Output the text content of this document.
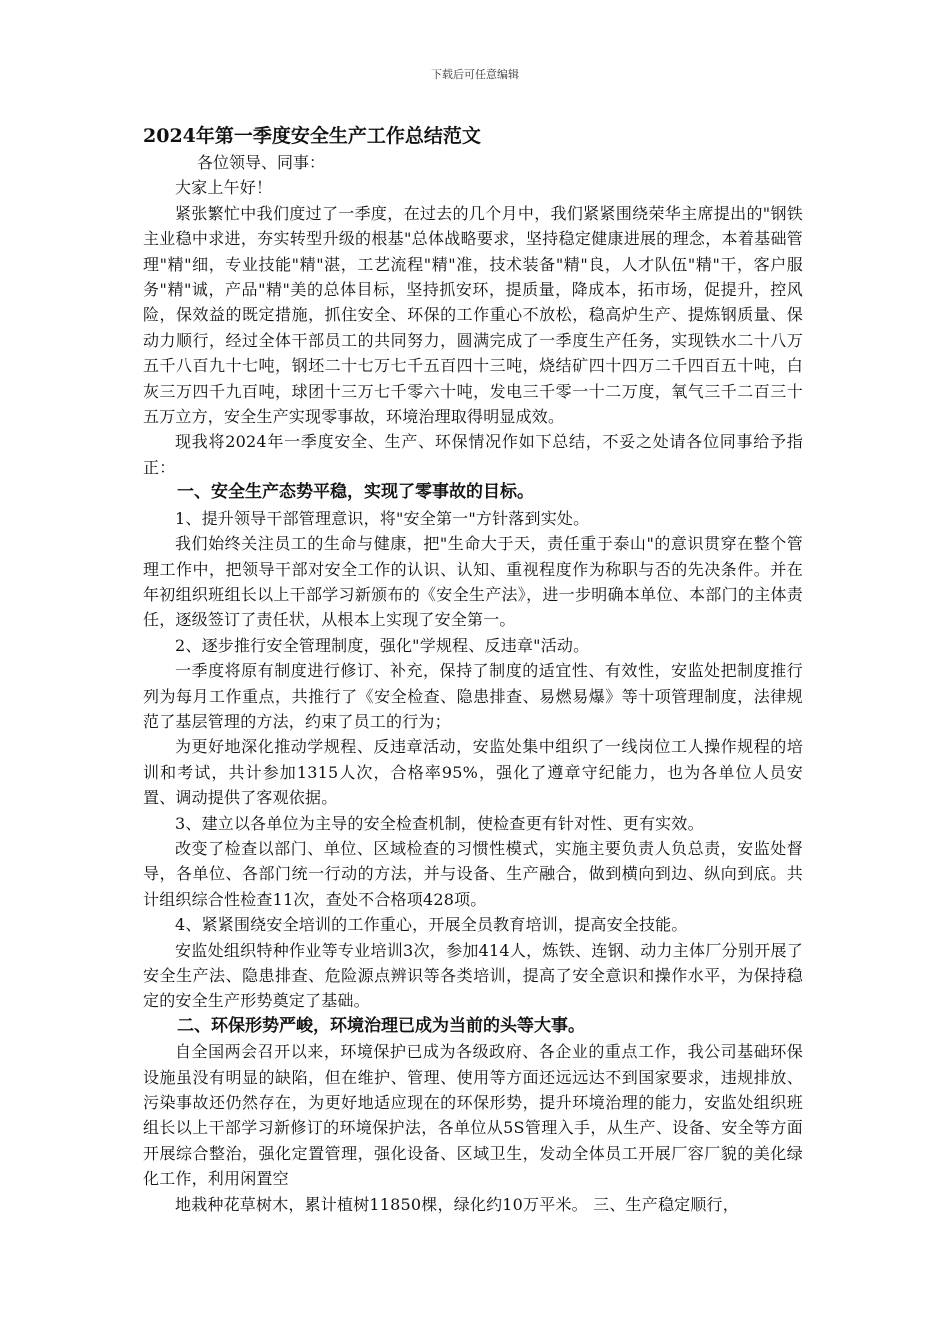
下载后可任意编辑
2024年第一季度安全生产工作总结范文

各位领导、同事：

大家上午好！

紧张繁忙中我们度过了一季度，在过去的几个月中，我们紧紧围绕荣华主席提出的"钢铁主业稳中求进，夯实转型升级的根基"总体战略要求，坚持稳定健康进展的理念，本着基础管理"精"细，专业技能"精"湛，工艺流程"精"准，技术装备"精"良，人才队伍"精"干，客户服务"精"诚，产品"精"美的总体目标，坚持抓安环，提质量，降成本，拓市场，促提升，控风险，保效益的既定措施，抓住安全、环保的工作重心不放松，稳高炉生产、提炼钢质量、保动力顺行，经过全体干部员工的共同努力，圆满完成了一季度生产任务，实现铁水二十八万五千八百九十七吨，钢坯二十七万七千五百四十三吨，烧结矿四十四万二千四百五十吨，白灰三万四千九百吨，球团十三万七千零六十吨，发电三千零一十二万度，氧气三千二百三十五万立方，安全生产实现零事故，环境治理取得明显成效。

现我将2024年一季度安全、生产、环保情况作如下总结，不妥之处请各位同事给予指正：

一、安全生产态势平稳，实现了零事故的目标。

1、提升领导干部管理意识，将"安全第一"方针落到实处。

我们始终关注员工的生命与健康，把"生命大于天，责任重于泰山"的意识贯穿在整个管理工作中，把领导干部对安全工作的认识、认知、重视程度作为称职与否的先决条件。并在年初组织班组长以上干部学习新颁布的《安全生产法》，进一步明确本单位、本部门的主体责任，逐级签订了责任状，从根本上实现了安全第一。

2、逐步推行安全管理制度，强化"学规程、反违章"活动。

一季度将原有制度进行修订、补充，保持了制度的适宜性、有效性，安监处把制度推行列为每月工作重点，共推行了《安全检查、隐患排查、易燃易爆》等十项管理制度，法律规范了基层管理的方法，约束了员工的行为；

为更好地深化推动学规程、反违章活动，安监处集中组织了一线岗位工人操作规程的培训和考试，共计参加1315人次，合格率95%，强化了遵章守纪能力，也为各单位人员安置、调动提供了客观依据。

3、建立以各单位为主导的安全检查机制，使检查更有针对性、更有实效。

改变了检查以部门、单位、区域检查的习惯性模式，实施主要负责人负总责，安监处督导，各单位、各部门统一行动的方法，并与设备、生产融合，做到横向到边、纵向到底。共计组织综合性检查11次，查处不合格项428项。

4、紧紧围绕安全培训的工作重心，开展全员教育培训，提高安全技能。

安监处组织特种作业等专业培训3次，参加414人，炼铁、连钢、动力主体厂分别开展了安全生产法、隐患排查、危险源点辨识等各类培训，提高了安全意识和操作水平，为保持稳定的安全生产形势奠定了基础。

二、环保形势严峻，环境治理已成为当前的头等大事。

自全国两会召开以来，环境保护已成为各级政府、各企业的重点工作，我公司基础环保设施虽没有明显的缺陷，但在维护、管理、使用等方面还远远达不到国家要求，违规排放、污染事故还仍然存在，为更好地适应现在的环保形势，提升环境治理的能力，安监处组织班组长以上干部学习新修订的环境保护法，各单位从5S管理入手，从生产、设备、安全等方面开展综合整治，强化定置管理，强化设备、区域卫生，发动全体员工开展厂容厂貌的美化绿化工作，利用闲置空

地栽种花草树木，累计植树11850棵，绿化约10万平米。 三、生产稳定顺行，
